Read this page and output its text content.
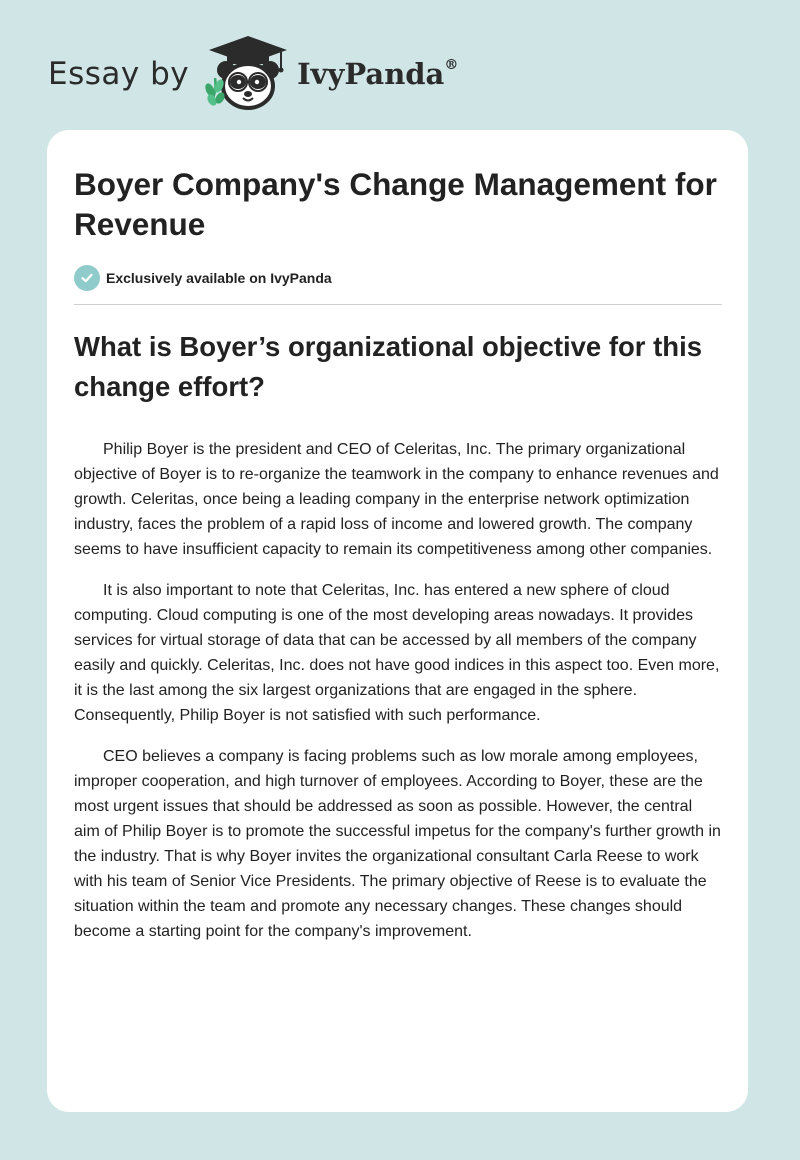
Essay by	IvyPanda®
Boyer Company's Change Management for Revenue
Exclusively available on IvyPanda
What is Boyer’s organizational objective for this change effort?

Philip Boyer is the president and CEO of Celeritas, Inc. The primary organizational objective of Boyer is to re-organize the teamwork in the company to enhance revenues and growth. Celeritas, once being a leading company in the enterprise network optimization industry, faces the problem of a rapid loss of income and lowered growth. The company seems to have insufficient capacity to remain its competitiveness among other companies.

It is also important to note that Celeritas, Inc. has entered a new sphere of cloud computing. Cloud computing is one of the most developing areas nowadays. It provides services for virtual storage of data that can be accessed by all members of the company easily and quickly. Celeritas, Inc. does not have good indices in this aspect too. Even more, it is the last among the six largest organizations that are engaged in the sphere. Consequently, Philip Boyer is not satisfied with such performance.

CEO believes a company is facing problems such as low morale among employees, improper cooperation, and high turnover of employees. According to Boyer, these are the most urgent issues that should be addressed as soon as possible. However, the central aim of Philip Boyer is to promote the successful impetus for the company's further growth in the industry. That is why Boyer invites the organizational consultant Carla Reese to work with his team of Senior Vice Presidents. The primary objective of Reese is to evaluate the situation within the team and promote any necessary changes. These changes should become a starting point for the company's improvement.
